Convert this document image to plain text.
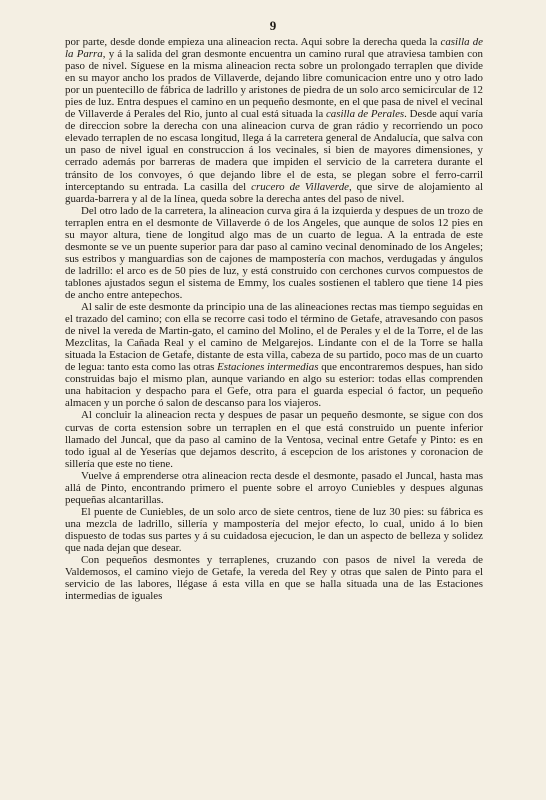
9

por parte, desde donde empieza una alineacion recta. Aqui sobre la derecha queda la casilla de la Parra, y á la salida del gran desmonte encuentra un camino rural que atraviesa tambien con paso de nivel. Síguese en la misma alineacion recta sobre un prolongado terraplen que divide en su mayor ancho los prados de Villaverde, dejando libre comunicacion entre uno y otro lado por un puentecillo de fábrica de ladrillo y aristones de piedra de un solo arco semicircular de 12 pies de luz. Entra despues el camino en un pequeño desmonte, en el que pasa de nivel el vecinal de Villaverde á Perales del Rio, junto al cual está situada la casilla de Perales. Desde aquí varía de direccion sobre la derecha con una alineacion curva de gran rádio y recorriendo un poco elevado terraplen de no escasa longitud, llega á la carretera general de Andalucía, que salva con un paso de nivel igual en construccion á los vecinales, si bien de mayores dimensiones, y cerrado además por barreras de madera que impiden el servicio de la carretera durante el tránsito de los convoyes, ó que dejando libre el de esta, se plegan sobre el ferro-carril interceptando su entrada. La casilla del crucero de Villaverde, que sirve de alojamiento al guarda-barrera y al de la línea, queda sobre la derecha antes del paso de nivel.

Del otro lado de la carretera, la alineacion curva gira á la izquierda y despues de un trozo de terraplen entra en el desmonte de Villaverde ó de los Angeles, que aunque de solos 12 pies en su mayor altura, tiene de longitud algo mas de un cuarto de legua. A la entrada de este desmonte se ve un puente superior para dar paso al camino vecinal denominado de los Angeles; sus estribos y manguardias son de cajones de mampostería con machos, verdugadas y ángulos de ladrillo: el arco es de 50 pies de luz, y está construido con cerchones curvos compuestos de tablones ajustados segun el sistema de Emmy, los cuales sostienen el tablero que tiene 14 pies de ancho entre antepechos.

Al salir de este desmonte da principio una de las alineaciones rectas mas tiempo seguidas en el trazado del camino; con ella se recorre casi todo el término de Getafe, atravesando con pasos de nivel la vereda de Martin-gato, el camino del Molino, el de Perales y el de la Torre, el de las Mezclitas, la Cañada Real y el camino de Melgarejos. Lindante con el de la Torre se halla situada la Estacion de Getafe, distante de esta villa, cabeza de su partido, poco mas de un cuarto de legua: tanto esta como las otras Estaciones intermedias que encontraremos despues, han sido construidas bajo el mismo plan, aunque variando en algo su esterior: todas ellas comprenden una habitacion y despacho para el Gefe, otra para el guarda especial ó factor, un pequeño almacen y un porche ó salon de descanso para los viajeros.

Al concluir la alineacion recta y despues de pasar un pequeño desmonte, se sigue con dos curvas de corta estension sobre un terraplen en el que está construido un puente inferior llamado del Juncal, que da paso al camino de la Ventosa, vecinal entre Getafe y Pinto: es en todo igual al de Yeserías que dejamos descrito, á escepcion de los aristones y coronacion de sillería que este no tiene.

Vuelve á emprenderse otra alineacion recta desde el desmonte, pasado el Juncal, hasta mas allá de Pinto, encontrando primero el puente sobre el arroyo Cuniebles y despues algunas pequeñas alcantarillas.

El puente de Cuniebles, de un solo arco de siete centros, tiene de luz 30 pies: su fábrica es una mezcla de ladrillo, sillería y mampostería del mejor efecto, lo cual, unido á lo bien dispuesto de todas sus partes y á su cuidadosa ejecucion, le dan un aspecto de belleza y solidez que nada dejan que desear.

Con pequeños desmontes y terraplenes, cruzando con pasos de nivel la vereda de Valdemosos, el camino viejo de Getafe, la vereda del Rey y otras que salen de Pinto para el servicio de las labores, llégase á esta villa en que se halla situada una de las Estaciones intermedias de iguales
